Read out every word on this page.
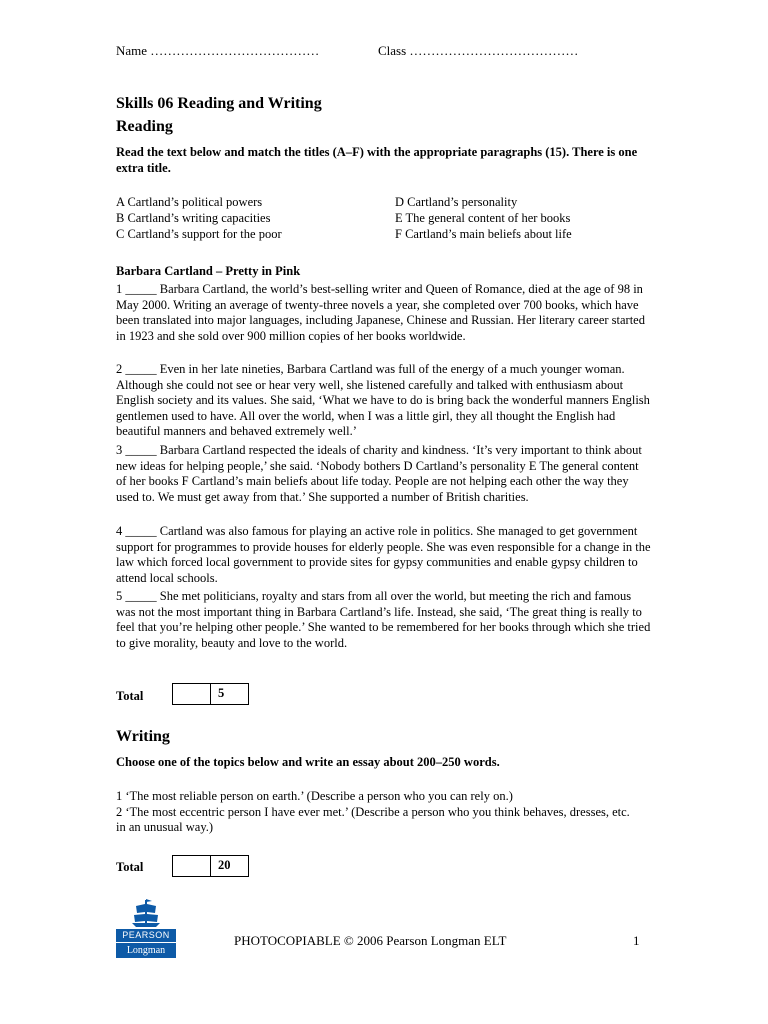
Name …………………………………	Class …………………………………
Skills 06 Reading and Writing
Reading
Read the text below and match the titles (A–F) with the appropriate paragraphs (15). There is one extra title.
A Cartland’s political powers
B Cartland’s writing capacities
C Cartland’s support for the poor
D Cartland’s personality
E The general content of her books
F Cartland’s main beliefs about life
Barbara Cartland – Pretty in Pink

1 _____ Barbara Cartland, the world’s best-selling writer and Queen of Romance, died at the age of 98 in May 2000. Writing an average of twenty-three novels a year, she completed over 700 books, which have been translated into major languages, including Japanese, Chinese and Russian. Her literary career started in 1923 and she sold over 900 million copies of her books worldwide.

2 _____ Even in her late nineties, Barbara Cartland was full of the energy of a much younger woman. Although she could not see or hear very well, she listened carefully and talked with enthusiasm about English society and its values. She said, ‘What we have to do is bring back the wonderful manners English gentlemen used to have. All over the world, when I was a little girl, they all thought the English had beautiful manners and behaved extremely well.’

3 _____ Barbara Cartland respected the ideals of charity and kindness. ‘It’s very important to think about new ideas for helping people,’ she said. ‘Nobody bothers D Cartland’s personality E The general content of her books F Cartland’s main beliefs about life today. People are not helping each other the way they used to. We must get away from that.’ She supported a number of British charities.

4 _____ Cartland was also famous for playing an active role in politics. She managed to get government support for programmes to provide houses for elderly people. She was even responsible for a change in the law which forced local government to provide sites for gypsy communities and enable gypsy children to attend local schools.

5 _____ She met politicians, royalty and stars from all over the world, but meeting the rich and famous was not the most important thing in Barbara Cartland’s life. Instead, she said, ‘The great thing is really to feel that you’re helping other people.’ She wanted to be remembered for her books through which she tried to give morality, beauty and love to the world.

Total	5
Writing
Choose one of the topics below and write an essay about 200–250 words.
1 ‘The most reliable person on earth.’ (Describe a person who you can rely on.)
2 ‘The most eccentric person I have ever met.’ (Describe a person who you think behaves, dresses, etc. in an unusual way.)
Total	20
PEARSON
Longman
PHOTOCOPIABLE © 2006 Pearson Longman ELT	1
